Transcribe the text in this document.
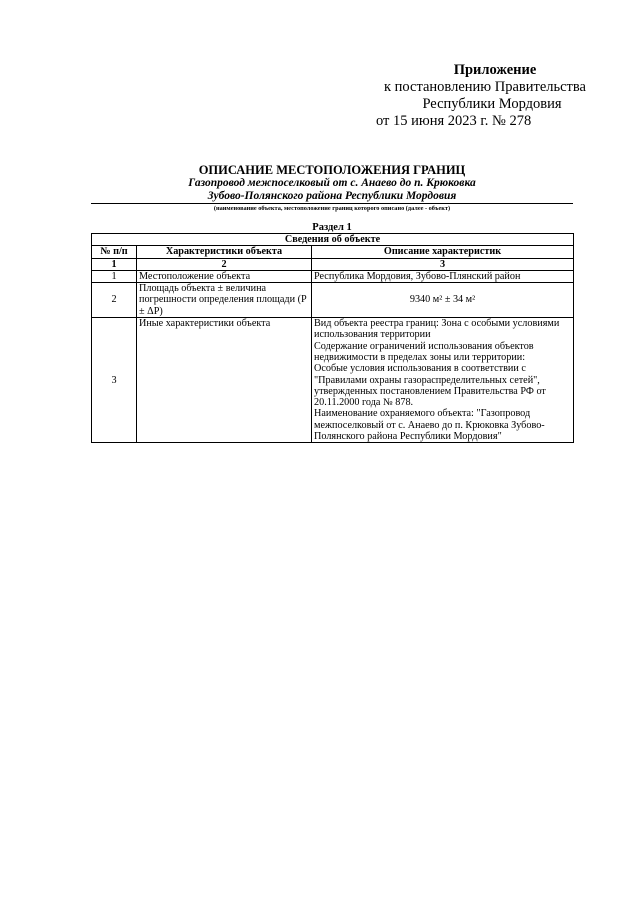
Приложение
к постановлению Правительства
Республики Мордовия
от 15 июня 2023 г. № 278
ОПИСАНИЕ МЕСТОПОЛОЖЕНИЯ ГРАНИЦ
Газопровод межпоселковый от с. Анаево до п. Крюковка
Зубово-Полянского района Республики Мордовия
(наименование объекта, местоположение границ которого описано (далее - объект)
Раздел 1
Сведения об объекте		
№ п/п	Характеристики объекта	Описание характеристик
1	2	3
1	Местоположение объекта	Республика Мордовия, Зубово-Плянский район
2	Площадь объекта ± величина погрешности определения площади (P ± ΔP)	9340 м² ± 34 м²
3	Иные характеристики объекта	Вид объекта реестра границ: Зона с особыми условиями использования территории
Содержание ограничений использования объектов недвижимости в пределах зоны или территории:
Особые условия использования в соответствии с "Правилами охраны газораспределительных сетей", утвержденных постановлением Правительства РФ от 20.11.2000 года № 878.
Наименование охраняемого объекта: "Газопровод межпоселковый от с. Анаево до п. Крюковка Зубово-Полянского района Республики Мордовия"
